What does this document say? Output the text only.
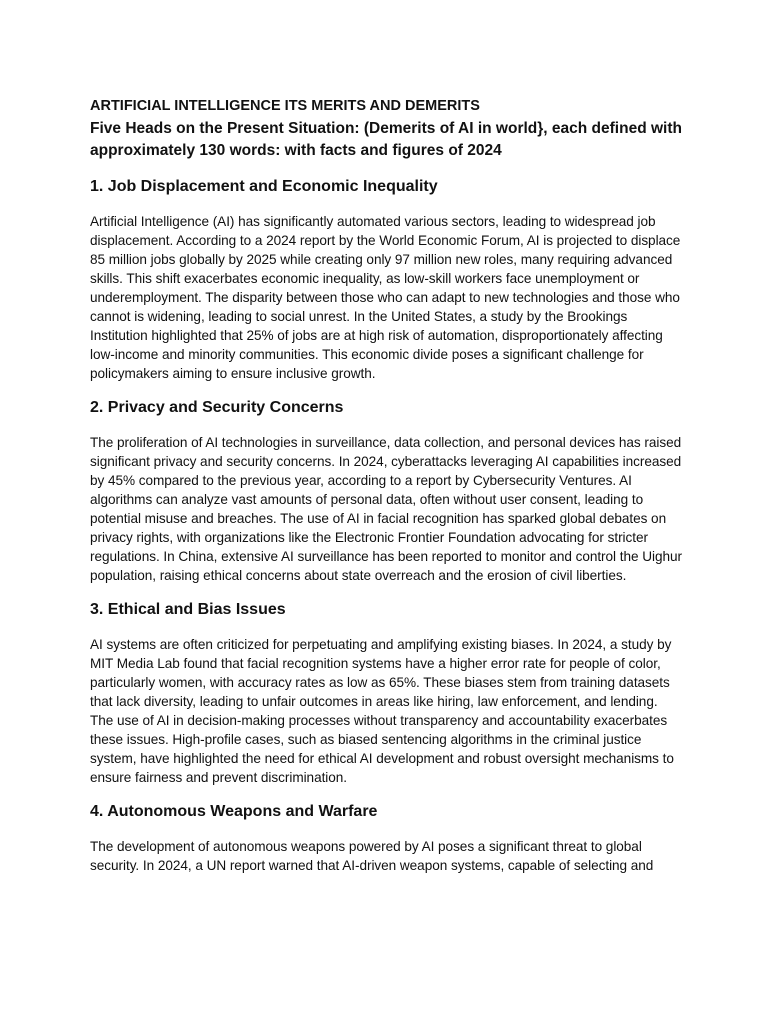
ARTIFICIAL INTELLIGENCE ITS MERITS AND DEMERITS
Five Heads on the Present Situation: (Demerits of AI in world}, each defined with approximately 130 words: with facts and figures of 2024
1. Job Displacement and Economic Inequality

Artificial Intelligence (AI) has significantly automated various sectors, leading to widespread job displacement. According to a 2024 report by the World Economic Forum, AI is projected to displace 85 million jobs globally by 2025 while creating only 97 million new roles, many requiring advanced skills. This shift exacerbates economic inequality, as low-skill workers face unemployment or underemployment. The disparity between those who can adapt to new technologies and those who cannot is widening, leading to social unrest. In the United States, a study by the Brookings Institution highlighted that 25% of jobs are at high risk of automation, disproportionately affecting low-income and minority communities. This economic divide poses a significant challenge for policymakers aiming to ensure inclusive growth.

2. Privacy and Security Concerns

The proliferation of AI technologies in surveillance, data collection, and personal devices has raised significant privacy and security concerns. In 2024, cyberattacks leveraging AI capabilities increased by 45% compared to the previous year, according to a report by Cybersecurity Ventures. AI algorithms can analyze vast amounts of personal data, often without user consent, leading to potential misuse and breaches. The use of AI in facial recognition has sparked global debates on privacy rights, with organizations like the Electronic Frontier Foundation advocating for stricter regulations. In China, extensive AI surveillance has been reported to monitor and control the Uighur population, raising ethical concerns about state overreach and the erosion of civil liberties.

3. Ethical and Bias Issues

AI systems are often criticized for perpetuating and amplifying existing biases. In 2024, a study by MIT Media Lab found that facial recognition systems have a higher error rate for people of color, particularly women, with accuracy rates as low as 65%. These biases stem from training datasets that lack diversity, leading to unfair outcomes in areas like hiring, law enforcement, and lending. The use of AI in decision-making processes without transparency and accountability exacerbates these issues. High-profile cases, such as biased sentencing algorithms in the criminal justice system, have highlighted the need for ethical AI development and robust oversight mechanisms to ensure fairness and prevent discrimination.

4. Autonomous Weapons and Warfare

The development of autonomous weapons powered by AI poses a significant threat to global security. In 2024, a UN report warned that AI-driven weapon systems, capable of selecting and
